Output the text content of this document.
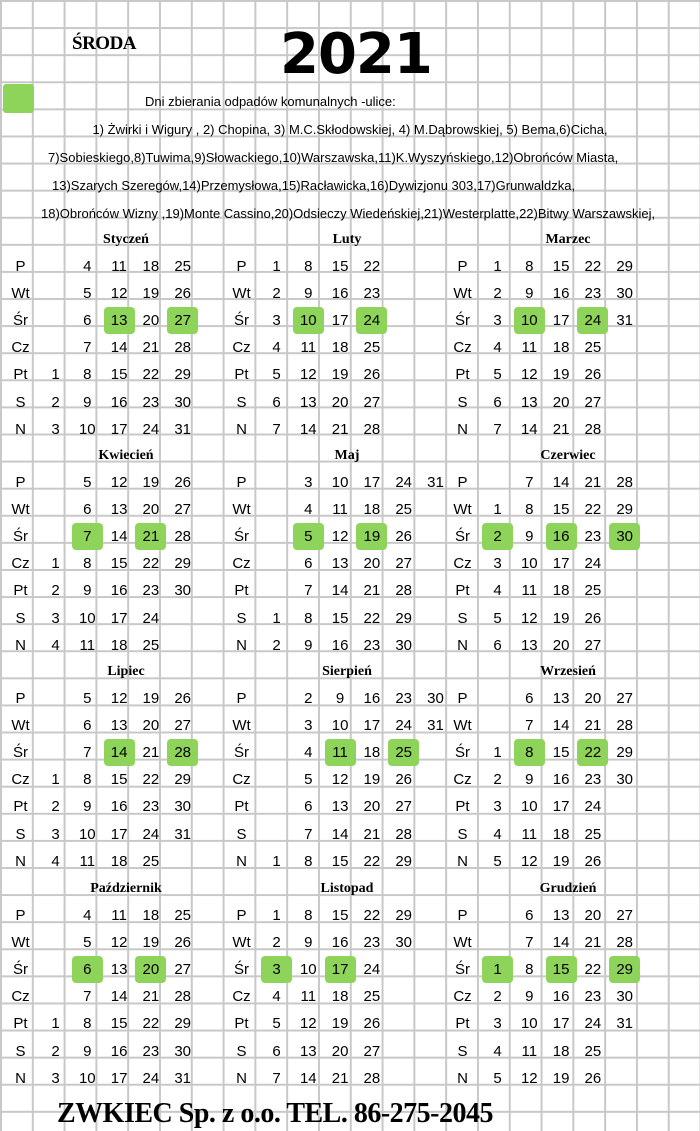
ŚRODA	2021
Dni zbierania odpadów komunalnych -ulice:
1) Żwirki i Wigury , 2) Chopina, 3) M.C.Skłodowskiej, 4) M.Dąbrowskiej, 5) Bema,6)Cicha,
7)Sobieskiego,8)Tuwima,9)Słowackiego,10)Warszawska,11)K.Wyszyńskiego,12)Obrońców Miasta,
13)Szarych Szeregów,14)Przemysłowa,15)Racławicka,16)Dywizjonu 303,17)Grunwaldzka,
18)Obrońców Wizny ,19)Monte Cassino,20)Odsieczy Wiedeńskiej,21)Westerplatte,22)Bitwy Warszawskiej,
Styczeń
P
Wt
Śr
Cz
Pt
S
N
1
2
3
4
5
6
7
8
9
10
11
12
13
14
15
16
17
18
19
20
21
22
23
24
25
26
27
28
29
30
31
Luty
P
Wt
Śr
Cz
Pt
S
N
1
2
3
4
5
6
7
8
9
10
11
12
13
14
15
16
17
18
19
20
21
22
23
24
25
26
27
28
Marzec
P
Wt
Śr
Cz
Pt
S
N
1
2
3
4
5
6
7
8
9
10
11
12
13
14
15
16
17
18
19
20
21
22
23
24
25
26
27
28
29
30
31
Kwiecień
P
Wt
Śr
Cz
Pt
S
N
1
2
3
4
5
6
7
8
9
10
11
12
13
14
15
16
17
18
19
20
21
22
23
24
25
26
27
28
29
30
Maj
P
Wt
Śr
Cz
Pt
S
N
1
2
3
4
5
6
7
8
9
10
11
12
13
14
15
16
17
18
19
20
21
22
23
24
25
26
27
28
29
30
31
Czerwiec
P
Wt
Śr
Cz
Pt
S
N
1
2
3
4
5
6
7
8
9
10
11
12
13
14
15
16
17
18
19
20
21
22
23
24
25
26
27
28
29
30
Lipiec
P
Wt
Śr
Cz
Pt
S
N
1
2
3
4
5
6
7
8
9
10
11
12
13
14
15
16
17
18
19
20
21
22
23
24
25
26
27
28
29
30
31
Sierpień
P
Wt
Śr
Cz
Pt
S
N	1
2
3
4
5
6
7
8
9
10
11
12
13
14
15
16
17
18
19
20
21
22
23
24
25
26
27
28
29
30
31
Wrzesień
P
Wt
Śr
Cz
Pt
S
N
1
2
3
4
5
6
7
8
9
10
11
12
13
14
15
16
17
18
19
20
21
22
23
24
25
26
27
28
29
30
Październik
P
Wt
Śr
Cz
Pt
S
N
1
2
3
4
5
6
7
8
9
10
11
12
13
14
15
16
17
18
19
20
21
22
23
24
25
26
27
28
29
30
31
Listopad
P
Wt
Śr
Cz
Pt
S
N
1
2
3
4
5
6
7
8
9
10
11
12
13
14
15
16
17
18
19
20
21
22
23
24
25
26
27
28
29
30
Grudzień
P
Wt
Śr
Cz
Pt
S
N
1
2
3
4
5
6
7
8
9
10
11
12
13
14
15
16
17
18
19
20
21
22
23
24
25
26
27
28
29
30
31
ZWKIEC Sp. z o.o. TEL. 86-275-2045
